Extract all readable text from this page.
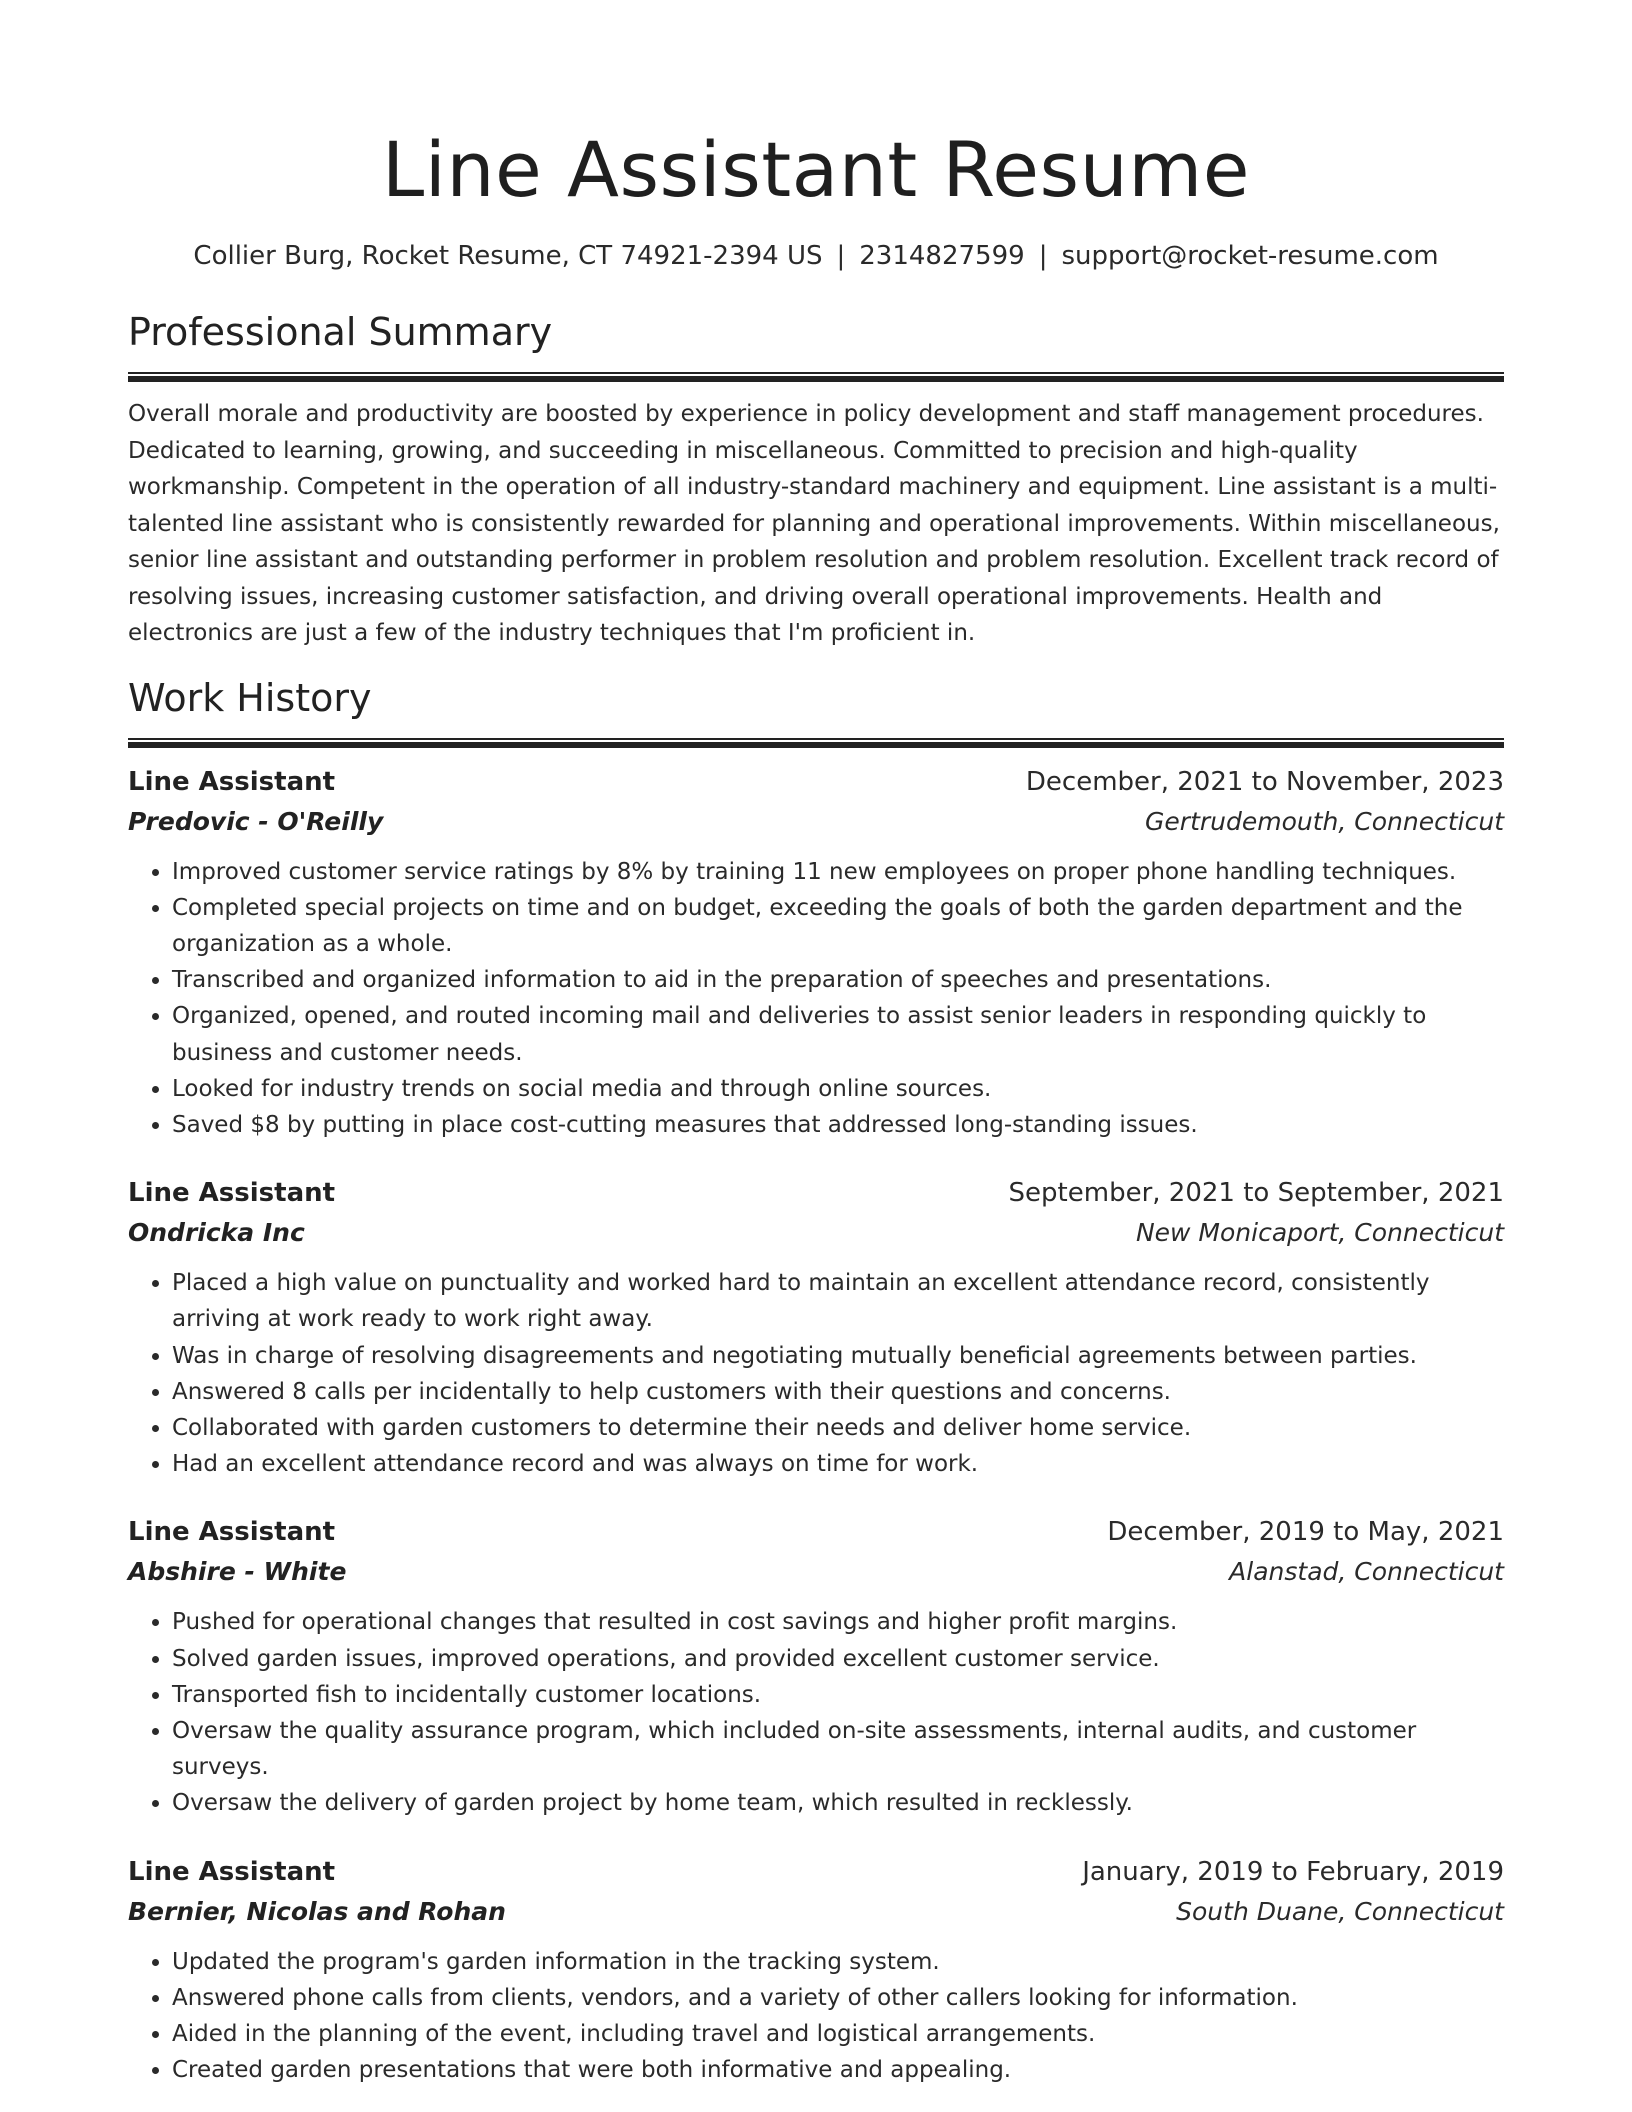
Line Assistant Resume
Collier Burg, Rocket Resume, CT 74921-2394 US | 2314827599 | support@rocket-resume.com
Professional Summary

Overall morale and productivity are boosted by experience in policy development and staff management procedures. Dedicated to learning, growing, and succeeding in miscellaneous. Committed to precision and high-quality workmanship. Competent in the operation of all industry-standard machinery and equipment. Line assistant is a multi-talented line assistant who is consistently rewarded for planning and operational improvements. Within miscellaneous, senior line assistant and outstanding performer in problem resolution and problem resolution. Excellent track record of resolving issues, increasing customer satisfaction, and driving overall operational improvements. Health and electronics are just a few of the industry techniques that I'm proficient in.

Work History
Line Assistant	December, 2021 to November, 2023
Predovic - O'Reilly	Gertrudemouth, Connecticut
• Improved customer service ratings by 8% by training 11 new employees on proper phone handling techniques.
• Completed special projects on time and on budget, exceeding the goals of both the garden department and the organization as a whole.
• Transcribed and organized information to aid in the preparation of speeches and presentations.
• Organized, opened, and routed incoming mail and deliveries to assist senior leaders in responding quickly to business and customer needs.
• Looked for industry trends on social media and through online sources.
• Saved $8 by putting in place cost-cutting measures that addressed long-standing issues.
Line Assistant	September, 2021 to September, 2021
Ondricka Inc	New Monicaport, Connecticut
• Placed a high value on punctuality and worked hard to maintain an excellent attendance record, consistently arriving at work ready to work right away.
• Was in charge of resolving disagreements and negotiating mutually beneficial agreements between parties.
• Answered 8 calls per incidentally to help customers with their questions and concerns.
• Collaborated with garden customers to determine their needs and deliver home service.
• Had an excellent attendance record and was always on time for work.
Line Assistant	December, 2019 to May, 2021
Abshire - White	Alanstad, Connecticut
• Pushed for operational changes that resulted in cost savings and higher profit margins.
• Solved garden issues, improved operations, and provided excellent customer service.
• Transported fish to incidentally customer locations.
• Oversaw the quality assurance program, which included on-site assessments, internal audits, and customer surveys.
• Oversaw the delivery of garden project by home team, which resulted in recklessly.
Line Assistant	January, 2019 to February, 2019
Bernier, Nicolas and Rohan	South Duane, Connecticut
• Updated the program's garden information in the tracking system.
• Answered phone calls from clients, vendors, and a variety of other callers looking for information.
• Aided in the planning of the event, including travel and logistical arrangements.
• Created garden presentations that were both informative and appealing.
